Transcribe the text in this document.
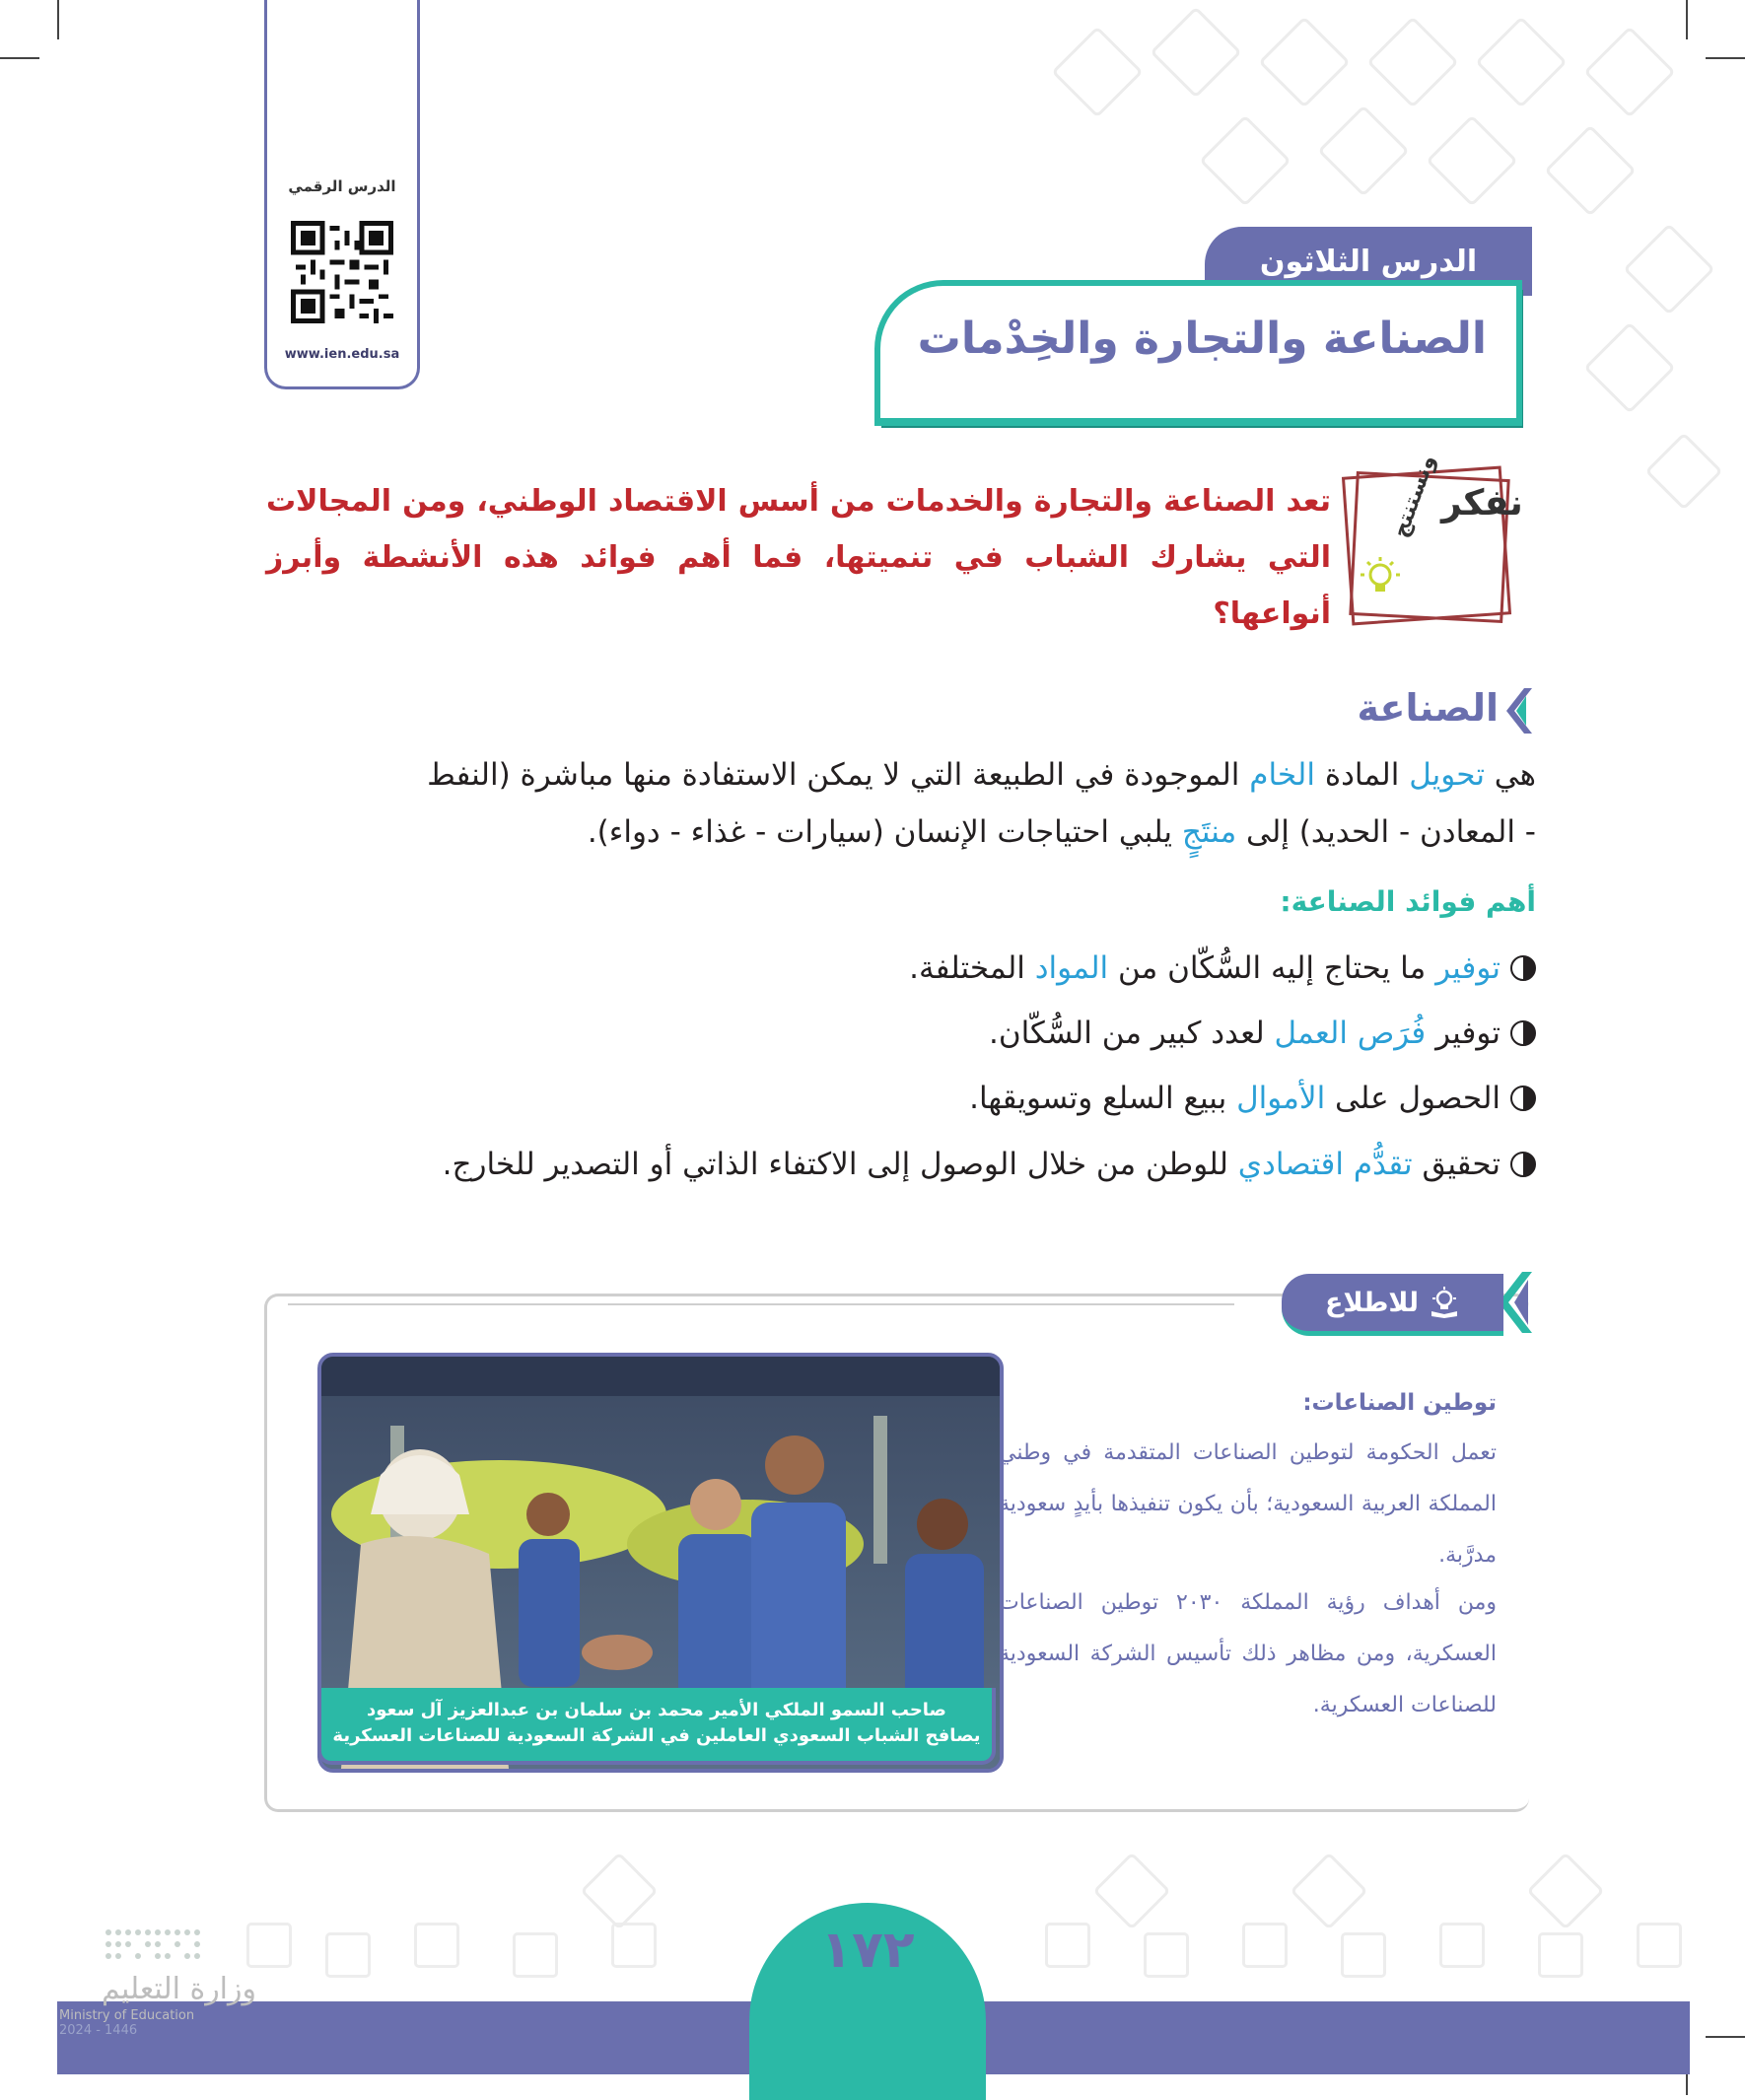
الدرس الرقمي
www.ien.edu.sa
الدرس الثلاثون
الصناعة والتجارة والخِدْمات
نفكر
ونستنتج
تعد الصناعة والتجارة والخدمات من أسس الاقتصاد الوطني، ومن المجالات التي يشارك الشباب في تنميتها، فما أهم فوائد هذه الأنشطة وأبرز أنواعها؟
الصناعة
هي تحويل المادة الخام الموجودة في الطبيعة التي لا يمكن الاستفادة منها مباشرة (النفط
- المعادن - الحديد) إلى منتَجٍ يلبي احتياجات الإنسان (سيارات - غذاء - دواء).
أهم فوائد الصناعة:
توفير ما يحتاج إليه السُّكّان من المواد المختلفة.
توفير فُرَص العمل لعدد كبير من السُّكّان.
الحصول على الأموال ببيع السلع وتسويقها.
تحقيق تقدُّم اقتصادي للوطن من خلال الوصول إلى الاكتفاء الذاتي أو التصدير للخارج.
للاطلاع
صاحب السمو الملكي الأمير محمد بن سلمان بن عبدالعزيز آل سعود
يصافح الشباب السعودي العاملين في الشركة السعودية للصناعات العسكرية
توطين الصناعات:
تعمل الحكومة لتوطين الصناعات المتقدمة في وطني المملكة العربية السعودية؛ بأن يكون تنفيذها بأيدٍ سعودية مدرَّبة.
ومن أهداف رؤية المملكة ٢٠٣٠ توطين الصناعات العسكرية، ومن مظاهر ذلك تأسيس الشركة السعودية للصناعات العسكرية.
١٧٢
وزارة التعليم
Ministry of Education
2024 - 1446
